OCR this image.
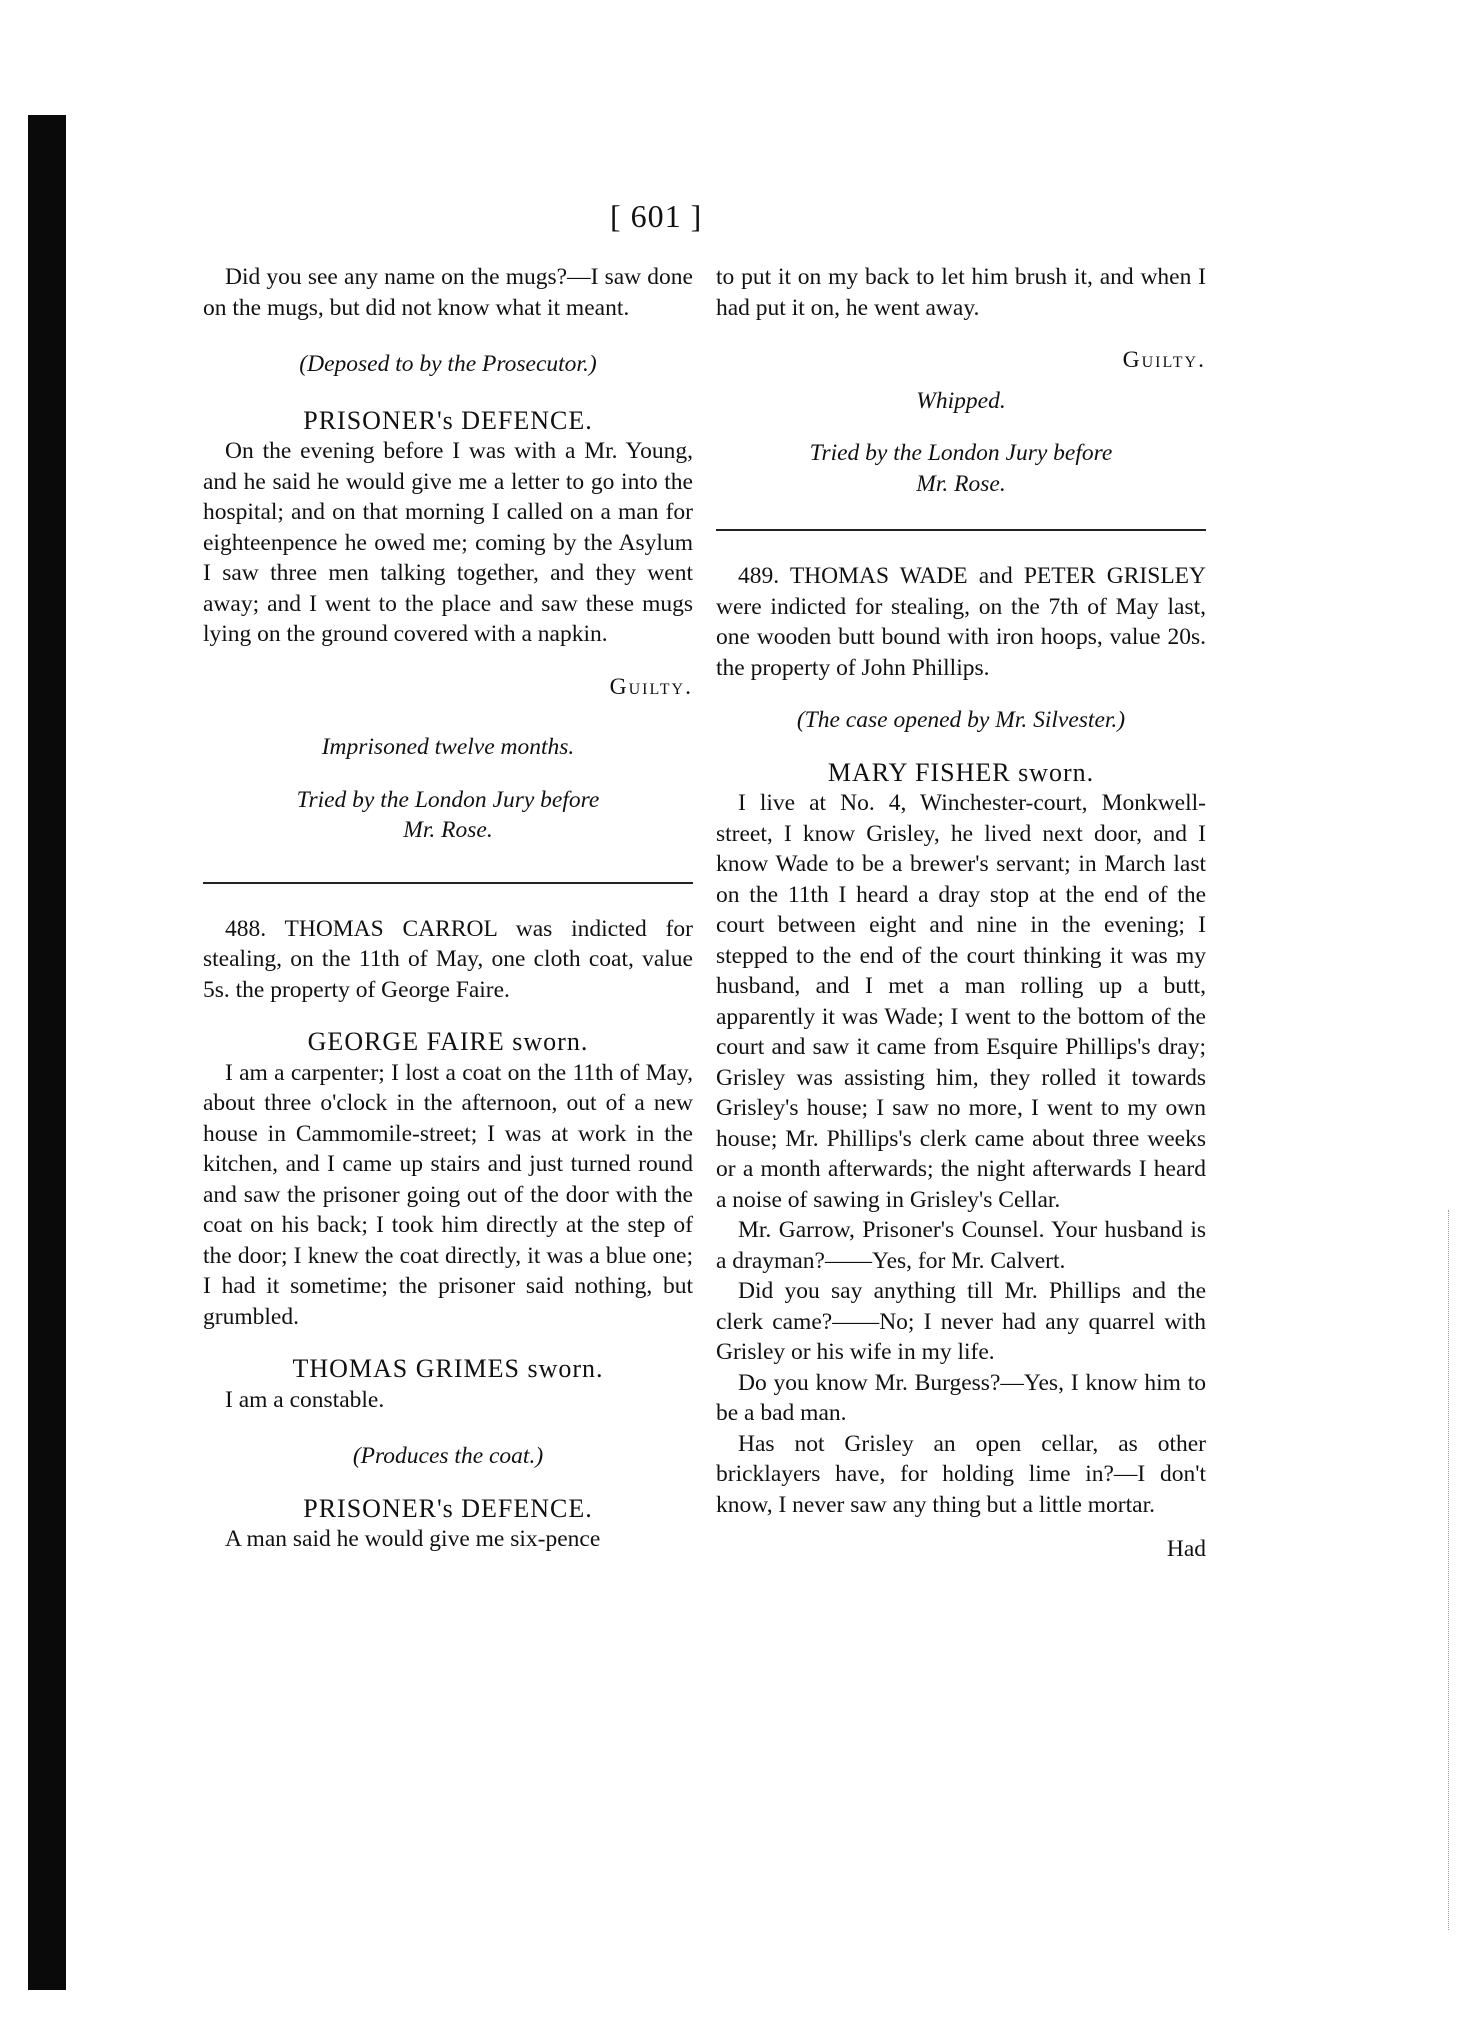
[ 601 ]

Did you see any name on the mugs?—I saw done on the mugs, but did not know what it meant.

(Deposed to by the Prosecutor.)

PRISONER's DEFENCE.

On the evening before I was with a Mr. Young, and he said he would give me a letter to go into the hospital; and on that morning I called on a man for eighteenpence he owed me; coming by the Asylum I saw three men talking together, and they went away; and I went to the place and saw these mugs lying on the ground covered with a napkin.

Guilty.

Imprisoned twelve months.

Tried by the London Jury before

Mr. Rose.

488. THOMAS CARROL was indicted for stealing, on the 11th of May, one cloth coat, value 5s. the property of George Faire.

GEORGE FAIRE sworn.

I am a carpenter; I lost a coat on the 11th of May, about three o'clock in the afternoon, out of a new house in Cammomile-street; I was at work in the kitchen, and I came up stairs and just turned round and saw the prisoner going out of the door with the coat on his back; I took him directly at the step of the door; I knew the coat directly, it was a blue one; I had it sometime; the prisoner said nothing, but grumbled.

THOMAS GRIMES sworn.

I am a constable.

(Produces the coat.)

PRISONER's DEFENCE.

A man said he would give me six-pence

to put it on my back to let him brush it, and when I had put it on, he went away.

Guilty.

Whipped.

Tried by the London Jury before

Mr. Rose.

489. THOMAS WADE and PETER GRISLEY were indicted for stealing, on the 7th of May last, one wooden butt bound with iron hoops, value 20s. the property of John Phillips.

(The case opened by Mr. Silvester.)

MARY FISHER sworn.

I live at No. 4, Winchester-court, Monkwell-street, I know Grisley, he lived next door, and I know Wade to be a brewer's servant; in March last on the 11th I heard a dray stop at the end of the court between eight and nine in the evening; I stepped to the end of the court thinking it was my husband, and I met a man rolling up a butt, apparently it was Wade; I went to the bottom of the court and saw it came from Esquire Phillips's dray; Grisley was assisting him, they rolled it towards Grisley's house; I saw no more, I went to my own house; Mr. Phillips's clerk came about three weeks or a month afterwards; the night afterwards I heard a noise of sawing in Grisley's Cellar.

Mr. Garrow, Prisoner's Counsel. Your husband is a drayman?——Yes, for Mr. Calvert.

Did you say anything till Mr. Phillips and the clerk came?——No; I never had any quarrel with Grisley or his wife in my life.

Do you know Mr. Burgess?—Yes, I know him to be a bad man.

Has not Grisley an open cellar, as other bricklayers have, for holding lime in?—I don't know, I never saw any thing but a little mortar.

Had
